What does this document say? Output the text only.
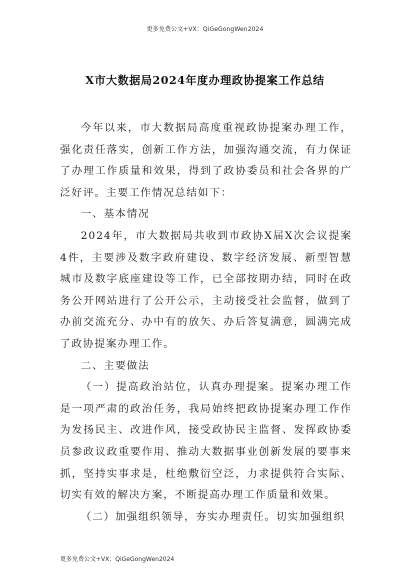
更多免费公文+VX：QiGeGongWen2024
X市大数据局2024年度办理政协提案工作总结

今年以来，市大数据局高度重视政协提案办理工作，强化责任落实，创新工作方法，加强沟通交流，有力保证了办理工作质量和效果，得到了政协委员和社会各界的广泛好评。主要工作情况总结如下：

一、基本情况

2024年，市大数据局共收到市政协X届X次会议提案4件，主要涉及数字政府建设、数字经济发展、新型智慧城市及数字底座建设等工作，已全部按期办结，同时在政务公开网站进行了公开公示，主动接受社会监督，做到了办前交流充分、办中有的放矢、办后答复满意，圆满完成了政协提案办理工作。

二、主要做法

（一）提高政治站位，认真办理提案。提案办理工作是一项严肃的政治任务，我局始终把政协提案办理工作作为发扬民主、改进作风，接受政协民主监督、发挥政协委员参政议政重要作用、推动大数据事业创新发展的要事来抓，坚持实事求是，杜绝敷衍空泛，力求提供符合实际、切实有效的解决方案，不断提高办理工作质量和效果。

（二）加强组织领导，夯实办理责任。切实加强组织

更多免费公文+VX：QiGeGongWen2024
